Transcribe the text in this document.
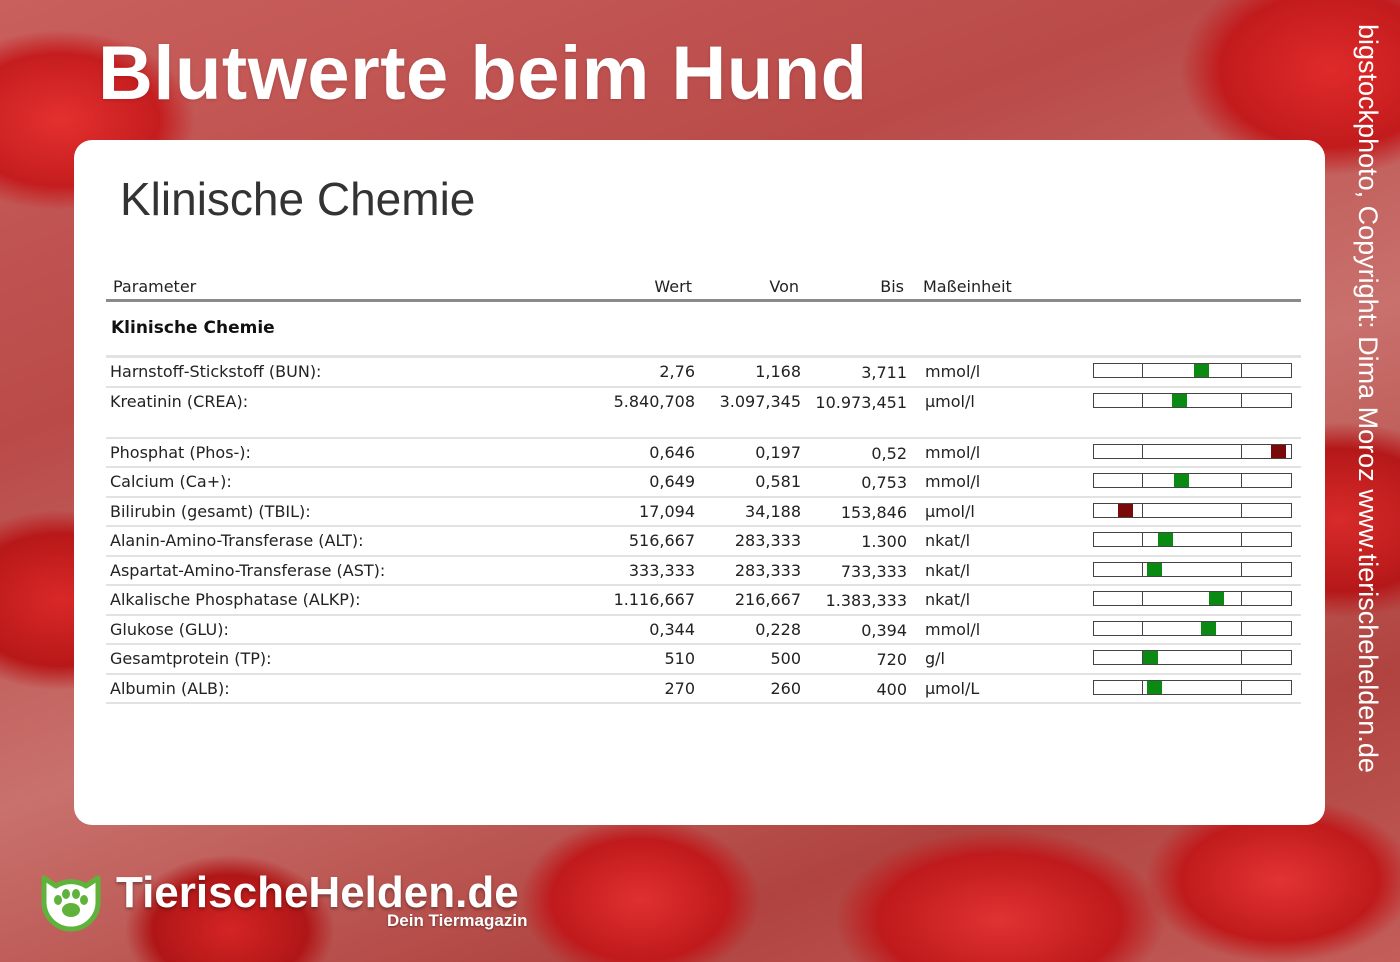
Blutwerte beim Hund	bigstockphoto, Copyright: Dima Moroz www.tierischehelden.de
Klinische Chemie
Parameter	Wert	Von	Bis Maßeinheit
Klinische Chemie
Harnstoff-Stickstoff (BUN):	2,76	1,168	3,711 mmol/l
Kreatinin (CREA):	5.840,708 3.097,345 10.973,451 µmol/l
Phosphat (Phos-):	0,646	0,197	0,52 mmol/l
Calcium (Ca+):	0,649	0,581	0,753 mmol/l
Bilirubin (gesamt) (TBIL):	17,094	34,188	153,846 µmol/l
Alanin-Amino-Transferase (ALT):	516,667 283,333	1.300 nkat/l
Aspartat-Amino-Transferase (AST):	333,333 283,333	733,333 nkat/l
Alkalische Phosphatase (ALKP):	1.116,667 216,667	1.383,333 nkat/l
Glukose (GLU):	0,344	0,228	0,394 mmol/l
Gesamtprotein (TP):	510	500	720 g/l
Albumin (ALB):	270	260	400 µmol/L
TierischeHelden.de
Dein Tiermagazin
